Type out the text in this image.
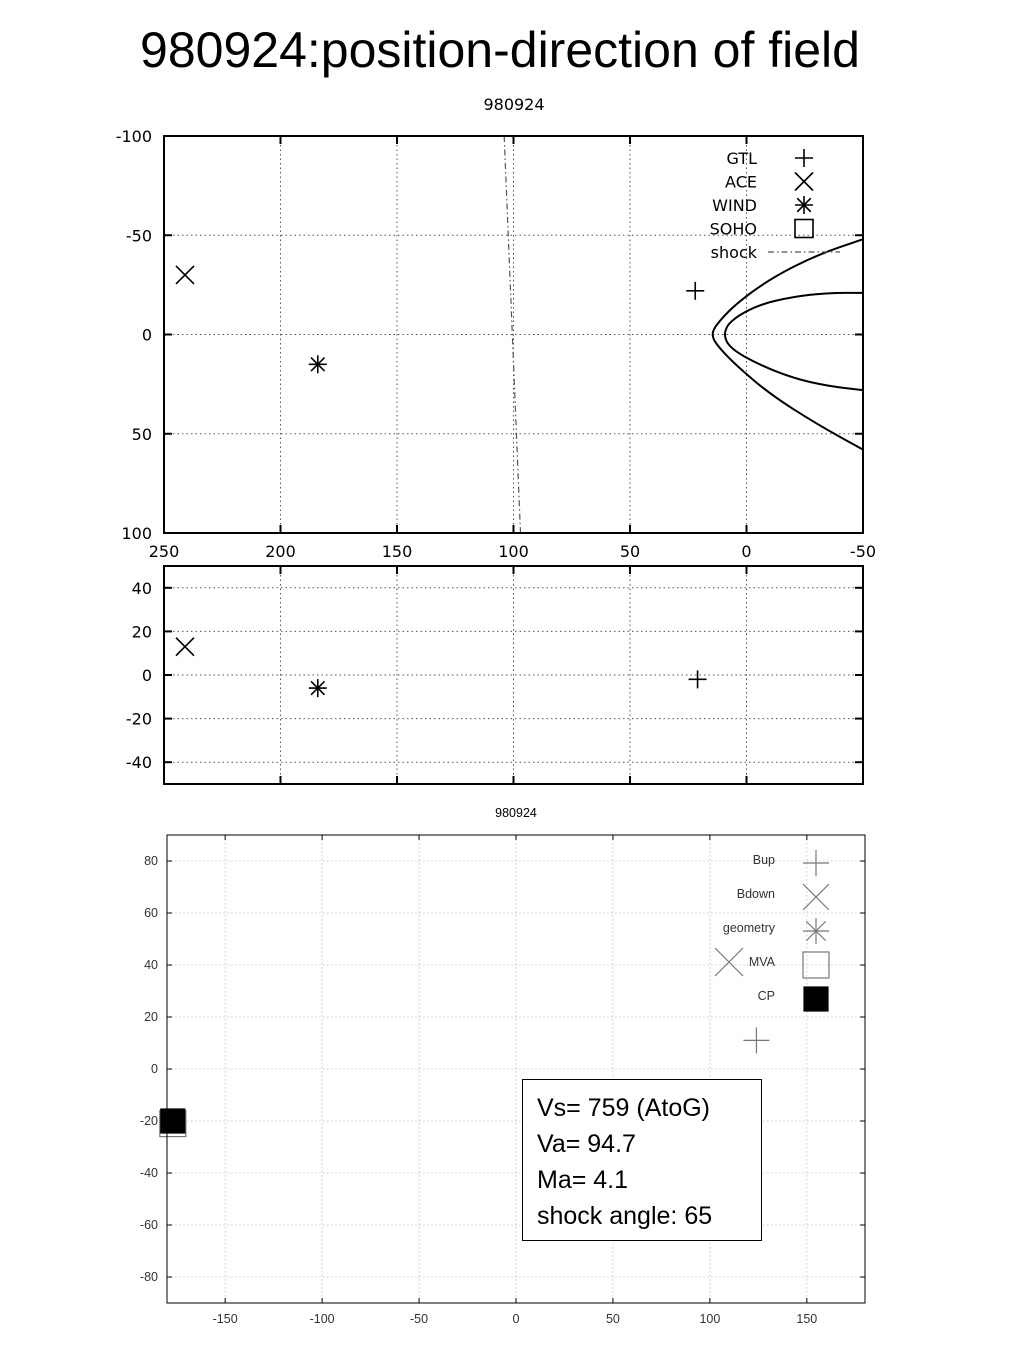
980924:position-direction of field
980924
250	200	150	100	50	0	-50
-100
-50
0
50
100
GTL
ACE
WIND
SOHO
shock
40
20
0
-20
-40
980924
-150	-100	-50	0	50	100	150
80
60
40
20
0
-20
-40
-60
-80
Bup
Bdown
geometry
MVA
CP
Vs= 759 (AtoG)
Va= 94.7
Ma= 4.1
shock angle: 65
